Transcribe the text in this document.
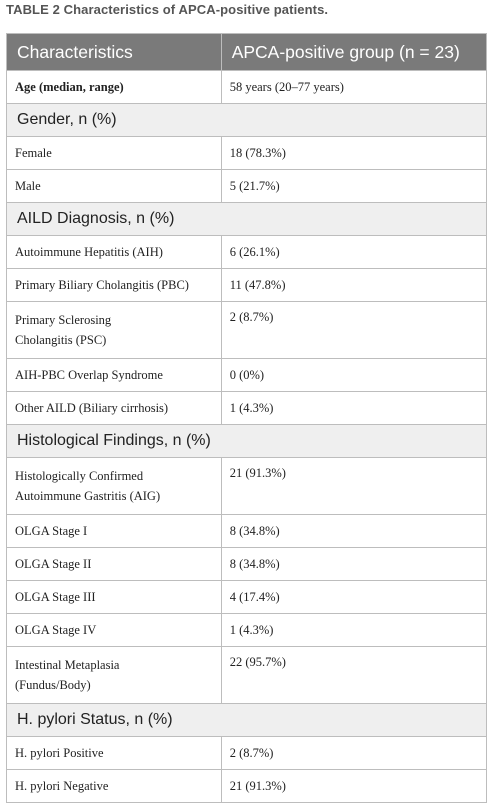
TABLE 2 Characteristics of APCA-positive patients.
Characteristics	APCA-positive group (n = 23)
Age (median, range)	58 years (20–77 years)
Gender, n (%)	
Female	18 (78.3%)
Male	5 (21.7%)
AILD Diagnosis, n (%)	
Autoimmune Hepatitis (AIH)	6 (26.1%)
Primary Biliary Cholangitis (PBC)	11 (47.8%)
Primary Sclerosing
Cholangitis (PSC)	2 (8.7%)
AIH-PBC Overlap Syndrome	0 (0%)
Other AILD (Biliary cirrhosis)	1 (4.3%)
Histological Findings, n (%)	
Histologically Confirmed
Autoimmune Gastritis (AIG)	21 (91.3%)
OLGA Stage I	8 (34.8%)
OLGA Stage II	8 (34.8%)
OLGA Stage III	4 (17.4%)
OLGA Stage IV	1 (4.3%)
Intestinal Metaplasia
(Fundus/Body)	22 (95.7%)
H. pylori Status, n (%)	
H. pylori Positive	2 (8.7%)
H. pylori Negative	21 (91.3%)
